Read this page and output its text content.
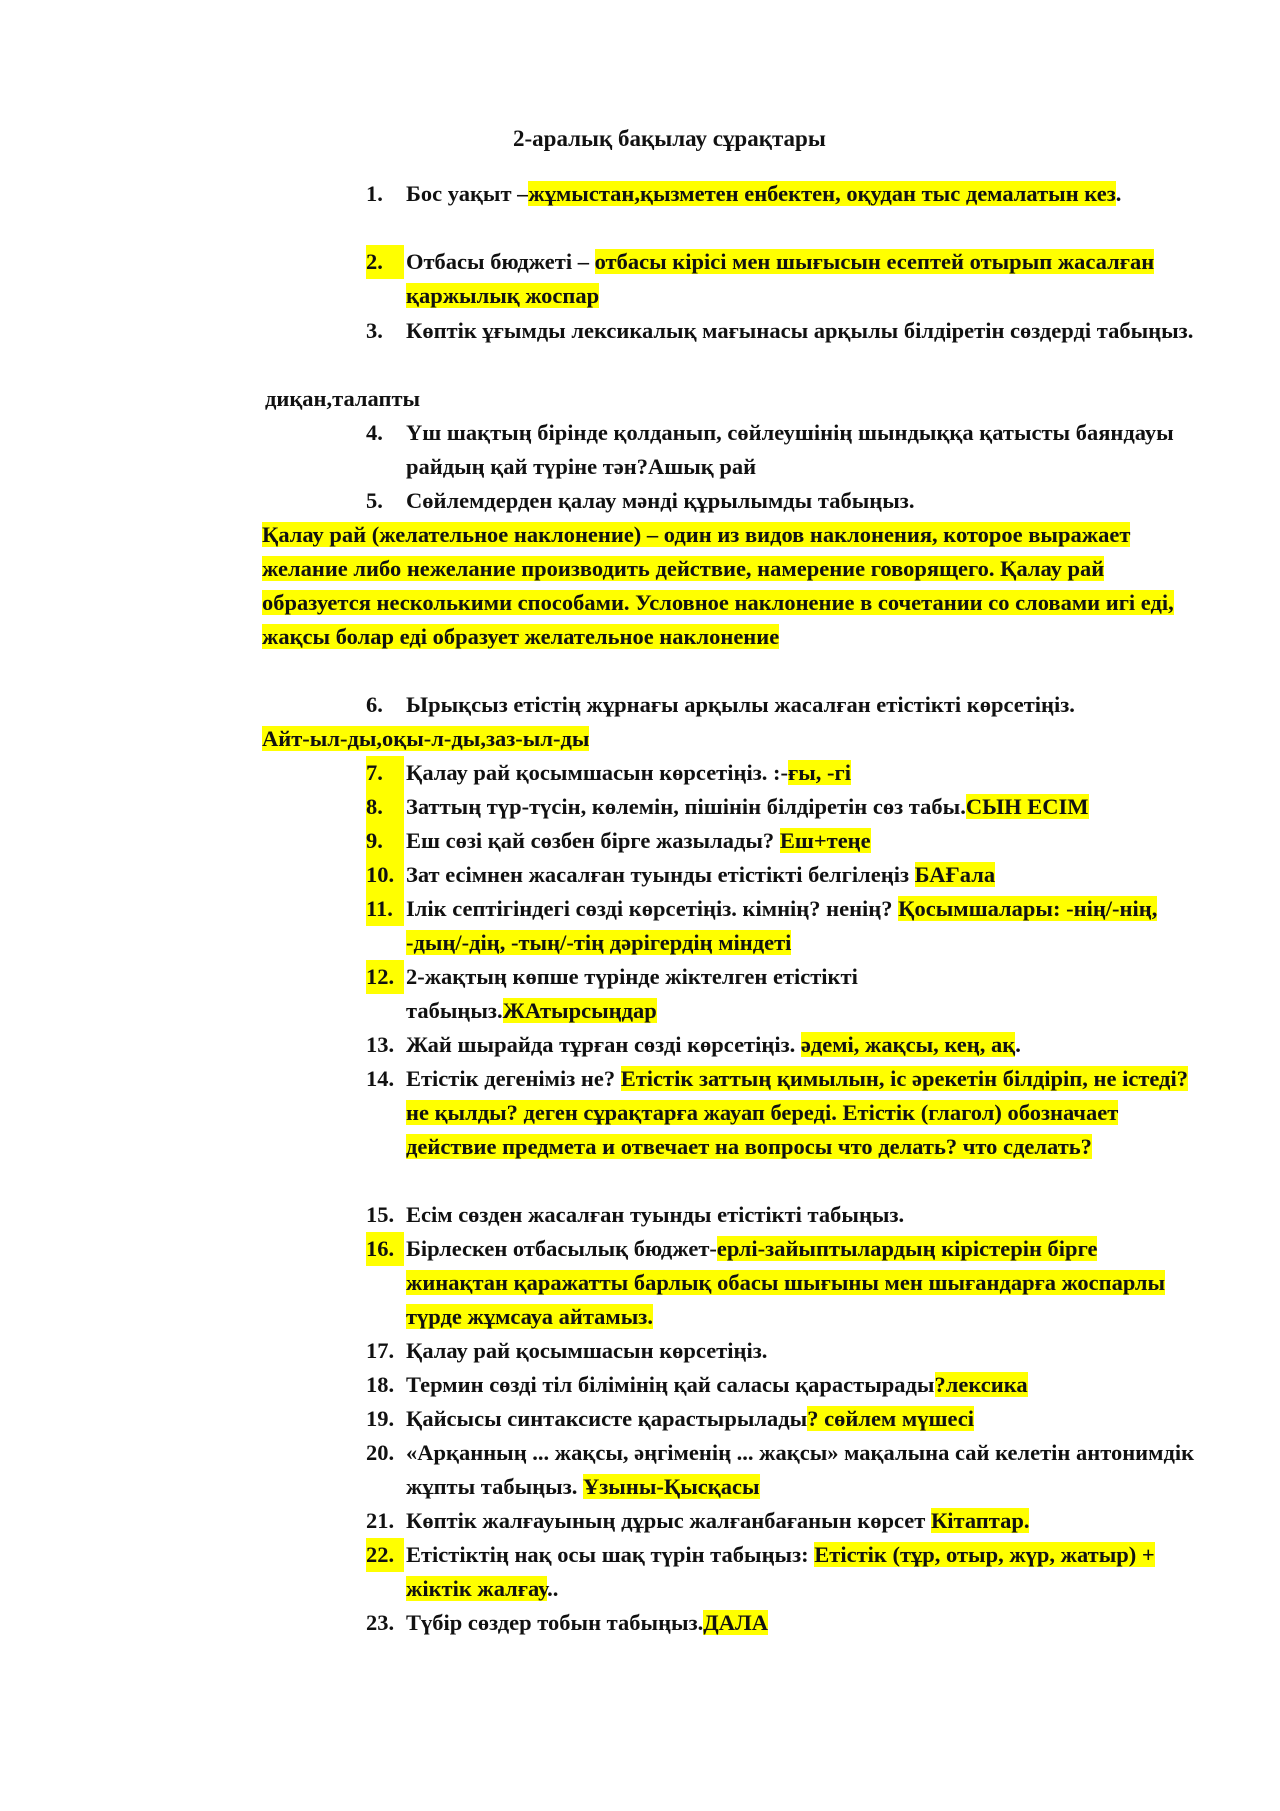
2-аралық бақылау сұрақтары
1.	Бос уақыт –жұмыстан,қызметен енбектен, оқудан тыс демалатын кез.
2.	Отбасы бюджеті – отбасы кірісі мен шығысын есептей отырып жасалған қаржылық жоспар
3.	Көптік ұғымды лексикалық мағынасы арқылы білдіретін сөздерді табыңыз.
диқан,талапты
4.	Үш шақтың бірінде қолданып, сөйлеушінің шындыққа қатысты баяндауы райдың қай түріне тән?Ашық рай
5.	Сөйлемдерден қалау мәнді құрылымды табыңыз.
Қалау рай (желательное наклонение) – один из видов наклонения, которое выражает желание либо нежелание производить действие, намерение говорящего. Қалау рай образуется несколькими способами. Условное наклонение в сочетании со словами игі еді, жақсы болар еді образует желательное наклонение
6.	Ырықсыз етістің жұрнағы арқылы жасалған етістікті көрсетіңіз.
Айт-ыл-ды,оқы-л-ды,заз-ыл-ды
7.	Қалау рай қосымшасын көрсетіңіз. :-ғы, -гі
8.	Заттың түр-түсін, көлемін, пішінін білдіретін сөз табы.СЫН ЕСІМ
9.	Еш сөзі қай сөзбен бірге жазылады? Еш+теңе
10. Зат есімнен жасалған туынды етістікті белгілеңіз БАҒала
11. Ілік септігіндегі сөзді көрсетіңіз. кімнің? ненің? Қосымшалары: -нің/-нің, -дың/-дің, -тың/-тің дәрігердің міндеті
12. 2-жақтың көпше түрінде жіктелген етістікті табыңыз.ЖАтырсыңдар
13. Жай шырайда тұрған сөзді көрсетіңіз. әдемі, жақсы, кең, ақ.
14. Етістік дегеніміз не? Етістік заттың қимылын, іс әрекетін білдіріп, не істеді? не қылды? деген сұрақтарға жауап береді. Етістік (глагол) обозначает действие предмета и отвечает на вопросы что делать? что сделать?
15. Есім сөзден жасалған туынды етістікті табыңыз.
16. Бірлескен отбасылық бюджет-ерлі-зайыптылардың кірістерін бірге жинақтан қаражатты барлық обасы шығыны мен шығандарға жоспарлы түрде жұмсауа айтамыз.
17. Қалау рай қосымшасын көрсетіңіз.
18. Термин сөзді тіл білімінің қай саласы қарастырады?лексика
19. Қайсысы синтаксисте қарастырылады? сөйлем мүшесі
20. «Арқанның ... жақсы, әңгіменің ... жақсы» мақалына сай келетін антонимдік жұпты табыңыз. Ұзыны-Қысқасы
21. Көптік жалғауының дұрыс жалғанбағанын көрсет Кітаптар.
22. Етістіктің нақ осы шақ түрін табыңыз: Етістік (тұр, отыр, жүр, жатыр) + жіктік жалғау..
23. Түбір сөздер тобын табыңыз.ДАЛА
